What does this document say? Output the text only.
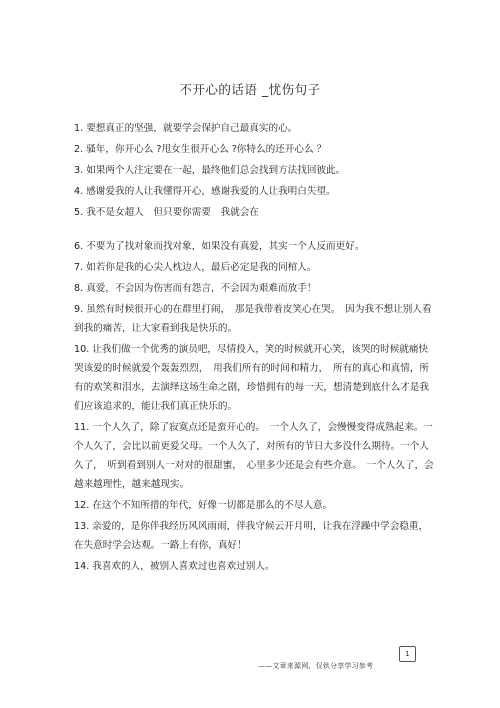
不开心的话语 _忧伤句子

1. 要想真正的坚强，就要学会保护自己最真实的心。

2. 骚年，你开心么 ?甩女生很开心么 ?你特么的还开心么 ？

3. 如果两个人注定要在一起，最终他们总会找到方法找回彼此。

4. 感谢爱我的人让我懂得开心，感谢我爱的人让我明白失望。

5. 我不是女超人　但只要你需要　我就会在

6. 不要为了找对象而找对象，如果没有真爱，其实一个人反而更好。

7. 如若你是我的心尖人枕边人，最后必定是我的同棺人。

8. 真爱，不会因为伤害而有怨言，不会因为艰难而放手！

9. 虽然有时候很开心的在群里打闹，　那是我带着皮笑心在哭。　因为我不想让别人看到我的痛苦，让大家看到我是快乐的。

10. 让我们做一个优秀的演员吧，尽情投入，笑的时候就开心笑，该哭的时候就痛快哭该爱的时候就爱个轰轰烈烈，　用我们所有的时间和精力，　所有的真心和真情，所有的欢笑和泪水，去演绎这场生命之剧，珍惜拥有的每一天，想清楚到底什么才是我们应该追求的，能让我们真正快乐的。

11. 一个人久了，除了寂寞点还是蛮开心的。　一个人久了，会慢慢变得成熟起来。一个人久了，会比以前更爱父母。一个人久了，对所有的节日大多没什么期待。一个人久了，　听到看到别人一对对的很甜蜜，　心里多少还是会有些介意。　一个人久了，会越来越理性，越来越现实。

12. 在这个不知所措的年代，好像一切都是那么的不尽人意。

13. 亲爱的，是你伴我经历风风雨雨，伴我守候云开月明，让我在浮躁中学会稳重，在失意时学会达观。一路上有你，真好！

14. 我喜欢的人，被别人喜欢过也喜欢过别人。

1
——文章来源网，仅供分享学习参考
